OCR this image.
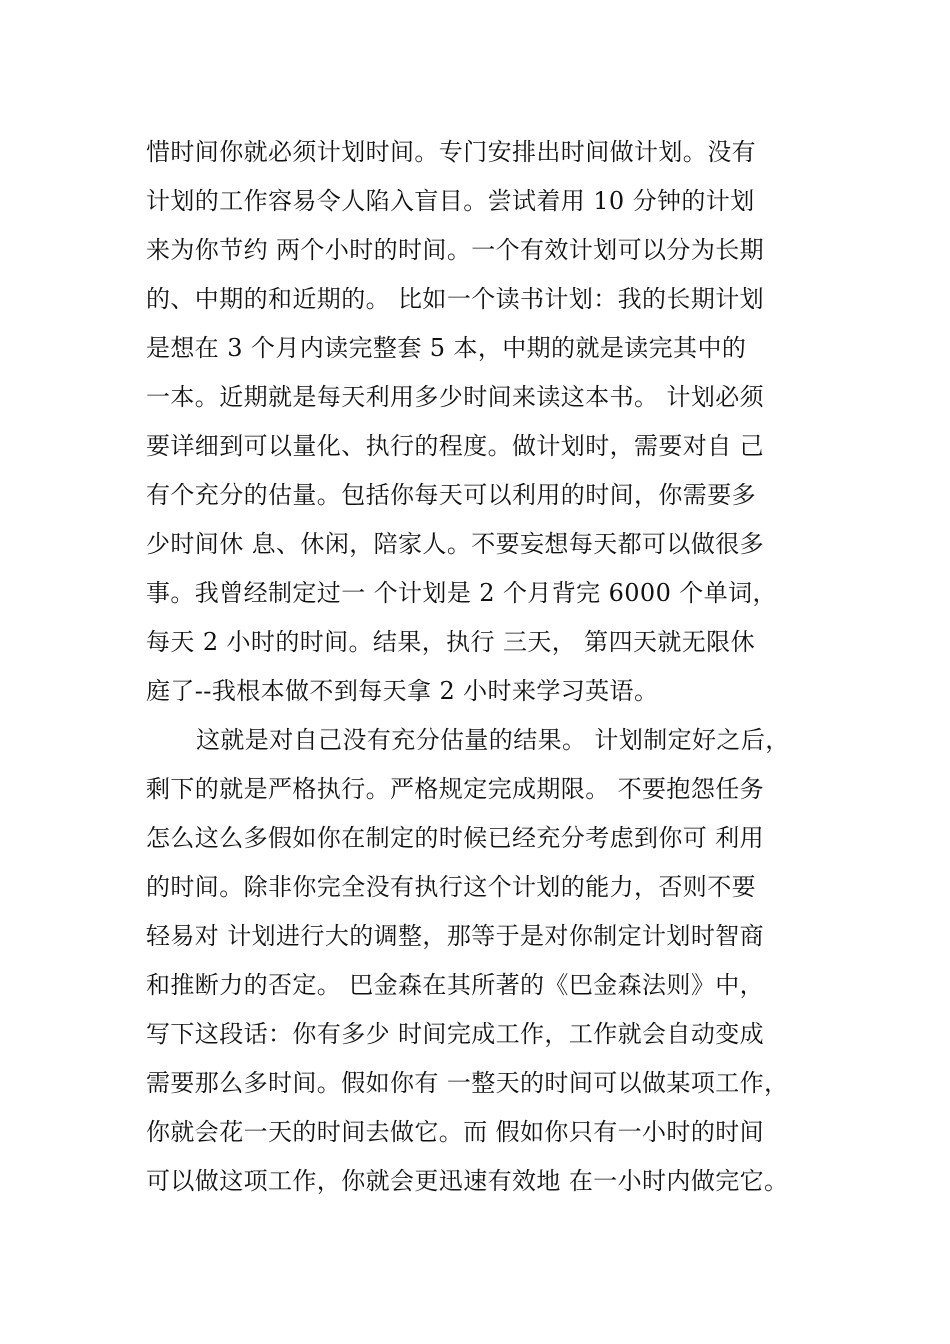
惜时间你就必须计划时间。专门安排出时间做计划。没有
计划的工作容易令人陷入盲目。尝试着用 10 分钟的计划
来为你节约 两个小时的时间。一个有效计划可以分为长期
的、中期的和近期的。 比如一个读书计划：我的长期计划
是想在 3 个月内读完整套 5 本，中期的就是读完其中的
一本。近期就是每天利用多少时间来读这本书。 计划必须
要详细到可以量化、执行的程度。做计划时，需要对自 己
有个充分的估量。包括你每天可以利用的时间，你需要多
少时间休 息、休闲，陪家人。不要妄想每天都可以做很多
事。我曾经制定过一 个计划是 2 个月背完 6000 个单词，
每天 2 小时的时间。结果，执行 三天， 第四天就无限休
庭了--我根本做不到每天拿 2 小时来学习英语。
这就是对自己没有充分估量的结果。 计划制定好之后，
剩下的就是严格执行。严格规定完成期限。 不要抱怨任务
怎么这么多假如你在制定的时候已经充分考虑到你可 利用
的时间。除非你完全没有执行这个计划的能力，否则不要
轻易对 计划进行大的调整，那等于是对你制定计划时智商
和推断力的否定。 巴金森在其所著的《巴金森法则》中，
写下这段话：你有多少 时间完成工作，工作就会自动变成
需要那么多时间。假如你有 一整天的时间可以做某项工作，
你就会花一天的时间去做它。而 假如你只有一小时的时间
可以做这项工作，你就会更迅速有效地 在一小时内做完它。
